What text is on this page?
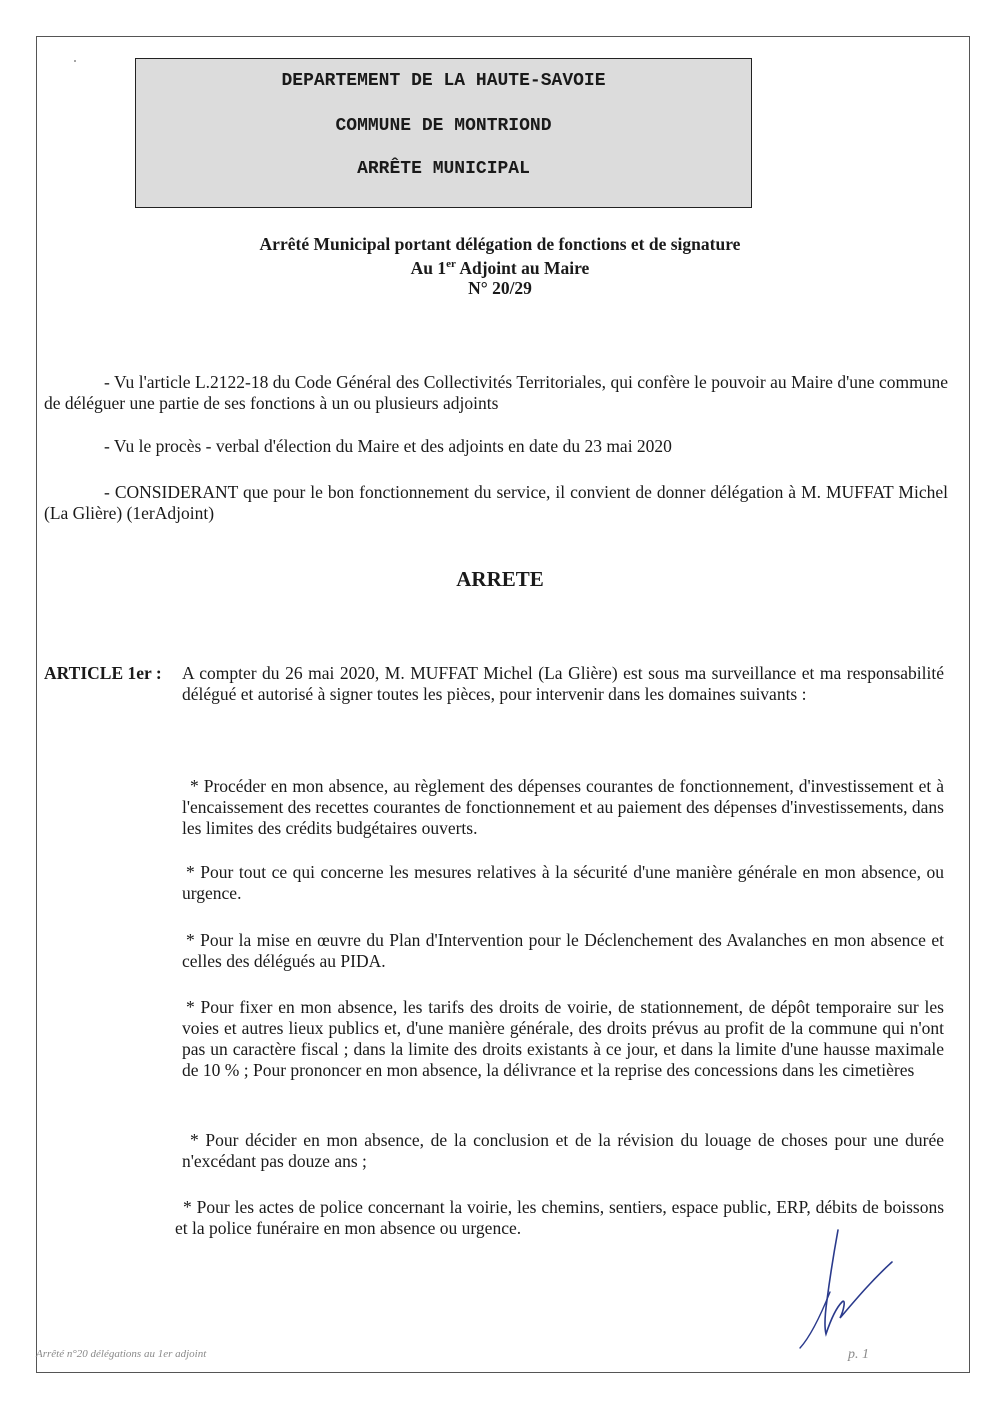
DEPARTEMENT DE LA HAUTE-SAVOIE
COMMUNE DE MONTRIOND
ARRÊTE MUNICIPAL
Arrêté Municipal portant délégation de fonctions et de signature
Au 1er Adjoint au Maire
N° 20/29
- Vu l'article L.2122-18 du Code Général des Collectivités Territoriales, qui confère le pouvoir au Maire d'une commune de déléguer une partie de ses fonctions à un ou plusieurs adjoints
- Vu le procès - verbal d'élection du Maire et des adjoints en date du 23 mai 2020
- CONSIDERANT que pour le bon fonctionnement du service, il convient de donner délégation à M. MUFFAT Michel (La Glière) (1erAdjoint)
ARRETE
ARTICLE 1er : A compter du 26 mai 2020, M. MUFFAT Michel (La Glière) est sous ma surveillance et ma responsabilité délégué et autorisé à signer toutes les pièces, pour intervenir dans les domaines suivants :
* Procéder en mon absence, au règlement des dépenses courantes de fonctionnement, d'investissement et à l'encaissement des recettes courantes de fonctionnement et au paiement des dépenses d'investissements, dans les limites des crédits budgétaires ouverts.
* Pour tout ce qui concerne les mesures relatives à la sécurité d'une manière générale en mon absence, ou urgence.
* Pour la mise en œuvre du Plan d'Intervention pour le Déclenchement des Avalanches en mon absence et celles des délégués au PIDA.
* Pour fixer en mon absence, les tarifs des droits de voirie, de stationnement, de dépôt temporaire sur les voies et autres lieux publics et, d'une manière générale, des droits prévus au profit de la commune qui n'ont pas un caractère fiscal ; dans la limite des droits existants à ce jour, et dans la limite d'une hausse maximale de 10 % ; Pour prononcer en mon absence, la délivrance et la reprise des concessions dans les cimetières
* Pour décider en mon absence, de la conclusion et de la révision du louage de choses pour une durée n'excédant pas douze ans ;
* Pour les actes de police concernant la voirie, les chemins, sentiers, espace public, ERP, débits de boissons et la police funéraire en mon absence ou urgence.
Arrêté n°20 délégations au 1er adjoint	p. 1
